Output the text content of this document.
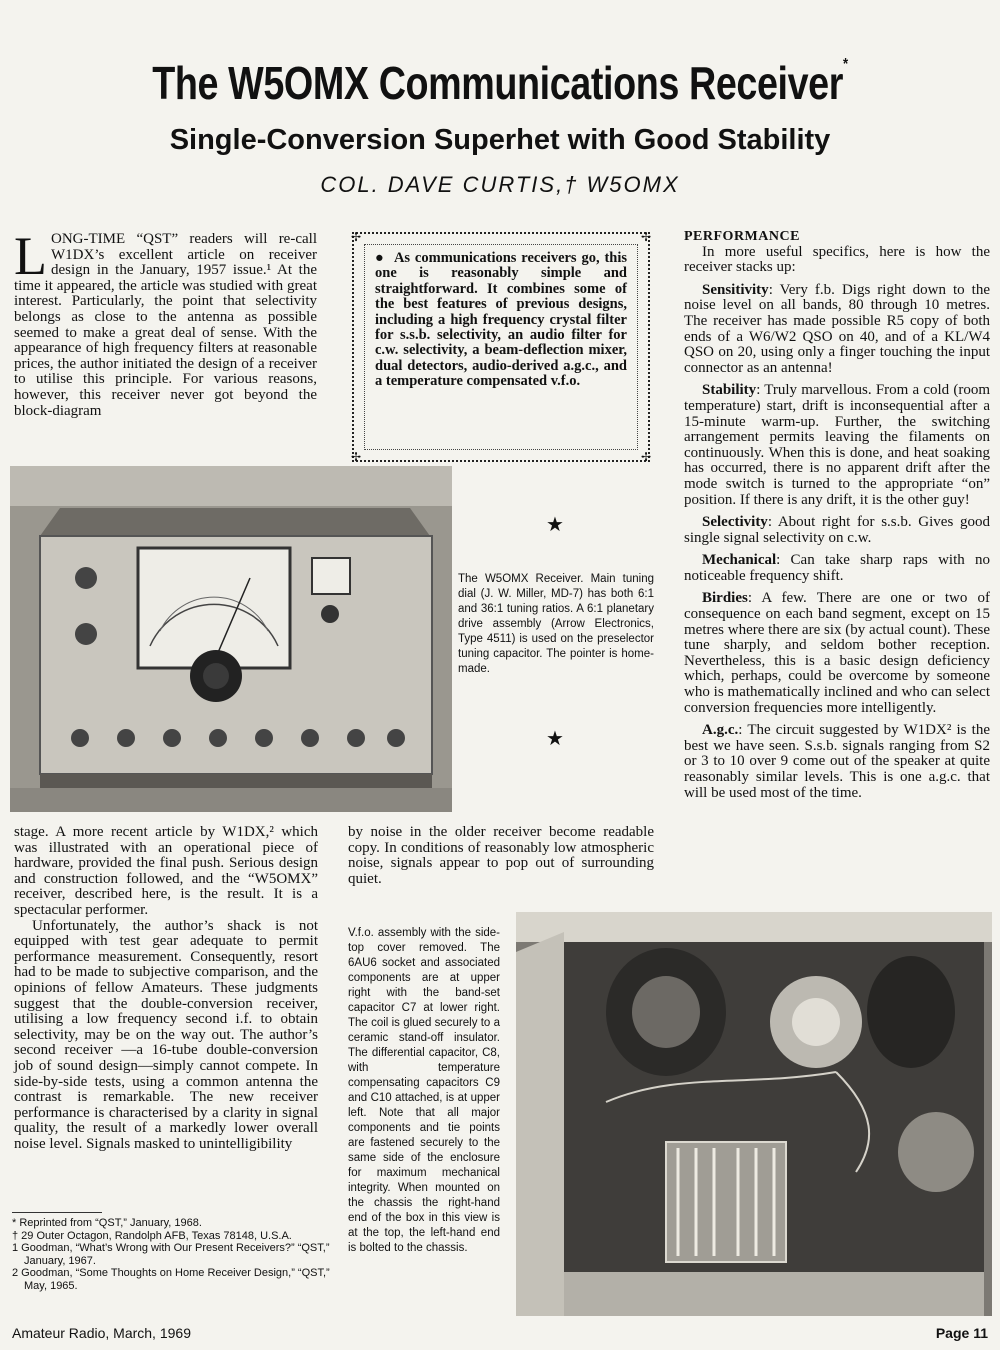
The W5OMX Communications Receiver*
Single-Conversion Superhet with Good Stability
COL. DAVE CURTIS,† W5OMX

LONG-TIME “QST” readers will re-call W1DX’s excellent article on receiver design in the January, 1957 issue.¹ At the time it appeared, the article was studied with great interest. Particularly, the point that selectivity belongs as close to the antenna as possible seemed to make a great deal of sense. With the appearance of high frequency filters at reasonable prices, the author initiated the design of a receiver to utilise this principle. For various reasons, however, this receiver never got beyond the block-diagram

✢	✢
✢	✢
● As communications receivers go, this one is reasonably simple and straightforward. It combines some of the best features of previous designs, including a high frequency crystal filter for s.s.b. selectivity, an audio filter for c.w. selectivity, a beam-deflection mixer, dual detectors, audio-derived a.g.c., and a temperature compensated v.f.o.

PERFORMANCE

In more useful specifics, here is how the receiver stacks up:

Sensitivity: Very f.b. Digs right down to the noise level on all bands, 80 through 10 metres. The receiver has made possible R5 copy of both ends of a W6/W2 QSO on 40, and of a KL/W4 QSO on 20, using only a finger touching the input connector as an antenna!

Stability: Truly marvellous. From a cold (room temperature) start, drift is inconsequential after a 15-minute warm-up. Further, the switching arrangement permits leaving the filaments on continuously. When this is done, and heat soaking has occurred, there is no apparent drift after the mode switch is turned to the appropriate “on” position. If there is any drift, it is the other guy!

Selectivity: About right for s.s.b. Gives good single signal selectivity on c.w.

Mechanical: Can take sharp raps with no noticeable frequency shift.

Birdies: A few. There are one or two of consequence on each band segment, except on 15 metres where there are six (by actual count). These tune sharply, and seldom bother reception. Nevertheless, this is a basic design deficiency which, perhaps, could be overcome by someone who is mathematically inclined and who can select conversion frequencies more intelligently.

A.g.c.: The circuit suggested by W1DX² is the best we have seen. S.s.b. signals ranging from S2 or 3 to 10 over 9 come out of the speaker at quite reasonably similar levels. This is one a.g.c. that will be used most of the time.

★
The W5OMX Receiver. Main tuning dial (J. W. Miller, MD-7) has both 6:1 and 36:1 tuning ratios. A 6:1 planetary drive assembly (Arrow Electronics, Type 4511) is used on the preselector tuning capacitor. The pointer is home-made.
★

stage. A more recent article by W1DX,² which was illustrated with an operational piece of hardware, provided the final push. Serious design and construction followed, and the “W5OMX” receiver, described here, is the result. It is a spectacular performer.

Unfortunately, the author’s shack is not equipped with test gear adequate to permit performance measurement. Consequently, resort had to be made to subjective comparison, and the opinions of fellow Amateurs. These judgments suggest that the double-conversion receiver, utilising a low frequency second i.f. to obtain selectivity, may be on the way out. The author’s second receiver —a 16-tube double-conversion job of sound design—simply cannot compete. In side-by-side tests, using a common antenna the contrast is remarkable. The new receiver performance is characterised by a clarity in signal quality, the result of a markedly lower overall noise level. Signals masked to unintelligibility

by noise in the older receiver become readable copy. In conditions of reasonably low atmospheric noise, signals appear to pop out of surrounding quiet.

V.f.o. assembly with the side-top cover removed. The 6AU6 socket and associated components are at upper right with the band-set capacitor C7 at lower right. The coil is glued securely to a ceramic stand-off insulator. The differential capacitor, C8, with temperature compensating capacitors C9 and C10 attached, is at upper left. Note that all major components and tie points are fastened securely to the same side of the enclosure for maximum mechanical integrity. When mounted on the chassis the right-hand end of the box in this view is at the top, the left-hand end is bolted to the chassis.
* Reprinted from “QST,” January, 1968.
† 29 Outer Octagon, Randolph AFB, Texas 78148, U.S.A.
1 Goodman, “What’s Wrong with Our Present Receivers?” “QST,” January, 1967.
2 Goodman, “Some Thoughts on Home Receiver Design,” “QST,” May, 1965.
Amateur Radio, March, 1969	Page 11
